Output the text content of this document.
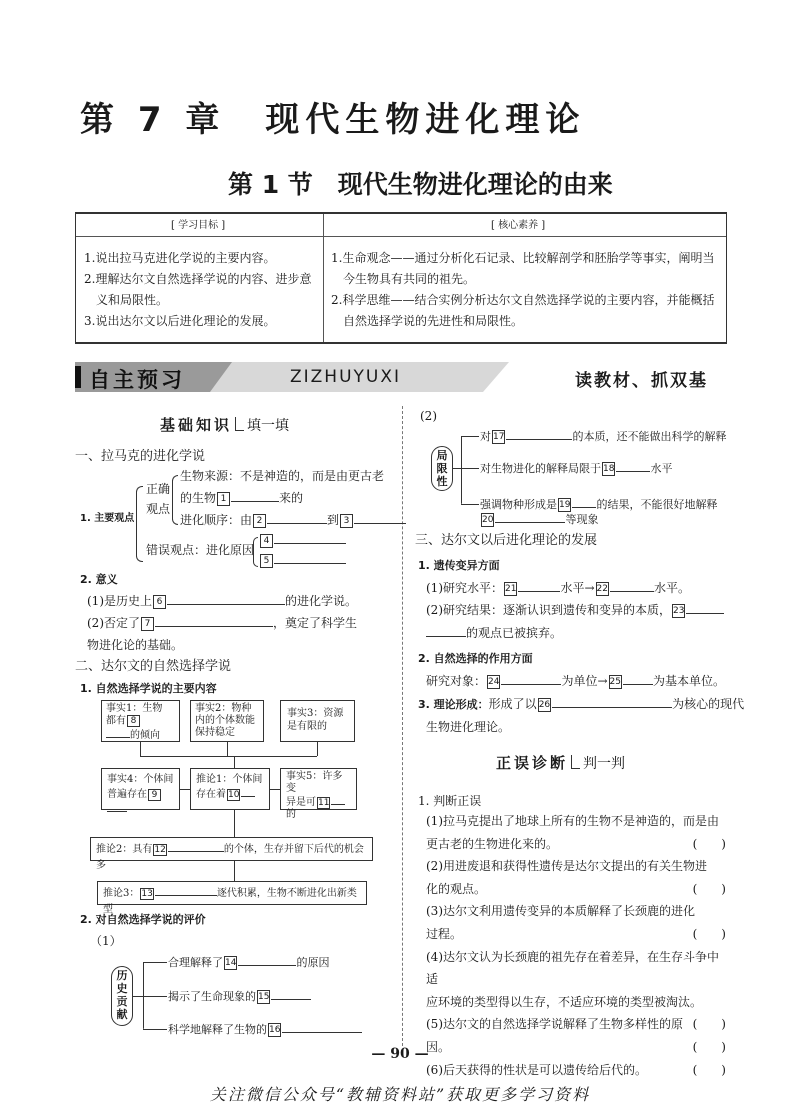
第 7 章　现代生物进化理论
第 1 节　现代生物进化理论的由来
[ 学习目标 ]	[ 核心素养 ]
1.说出拉马克进化学说的主要内容。
2.理解达尔文自然选择学说的内容、进步意
义和局限性。
3.说出达尔文以后进化理论的发展。
1.生命观念——通过分析化石记录、比较解剖学和胚胎学等事实，阐明当
今生物具有共同的祖先。
2.科学思维——结合实例分析达尔文自然选择学说的主要内容，并能概括
自然选择学说的先进性和局限性。
自主预习	ZIZHUYUXI	读教材、抓双基
基础知识 填一填
一、拉马克的进化学说
1. 主要观点
正确
观点
生物来源：不是神造的，而是由更古老
的生物 1	来的
进化顺序：由 2	到 3
错误观点：进化原因
4
5
2. 意义
(1)是历史上 6	的进化学说。
(2)否定了 7	，奠定了科学生
物进化论的基础。
二、达尔文的自然选择学说
1. 自然选择学说的主要内容
事实1：生物
都有 8
的倾向
事实2：物种内的个体数能保持稳定
事实3：资源是有限的
事实4：个体间
普遍存在 9
推论1：个体间
存在着 10
事实5：许多变
异是可 11
的
推论2：具有 12	的个体，生存并留下后代的机会多
推论3： 13	逐代积累，生物不断进化出新类型
2. 对自然选择学说的评价
（1）
历史贡献
合理解释了 14	的原因
揭示了生命现象的 15
科学地解释了生物的 16
(2)
局限性
对 17	的本质，还不能做出科学的解释
对生物进化的解释局限于 18	水平
强调物种形成是 19 的结果，不能很好地解释
20	等现象
三、达尔文以后进化理论的发展
1. 遗传变异方面
(1)研究水平： 21	水平→ 22	水平。
(2)研究结果：逐渐认识到遗传和变异的本质， 23
的观点已被摈弃。
2. 自然选择的作用方面
研究对象： 24	为单位→ 25	为基本单位。
3. 理论形成：形成了以 26	为核心的现代
生物进化理论。
正误诊断 判一判
1. 判断正误
(1)拉马克提出了地球上所有的生物不是神造的，而是由
更古老的生物进化来的。	(　　)
(2)用进废退和获得性遗传是达尔文提出的有关生物进
化的观点。	(　　)
(3)达尔文利用遗传变异的本质解释了长颈鹿的进化
过程。	(　　)
(4)达尔文认为长颈鹿的祖先存在着差异，在生存斗争中适
应环境的类型得以生存，不适应环境的类型被淘汰。
(　　)
(5)达尔文的自然选择学说解释了生物多样性的原因。	(　　)
(6)后天获得的性状是可以遗传给后代的。	(　　)
— 90 —
关注微信公众号“教辅资料站”获取更多学习资料
